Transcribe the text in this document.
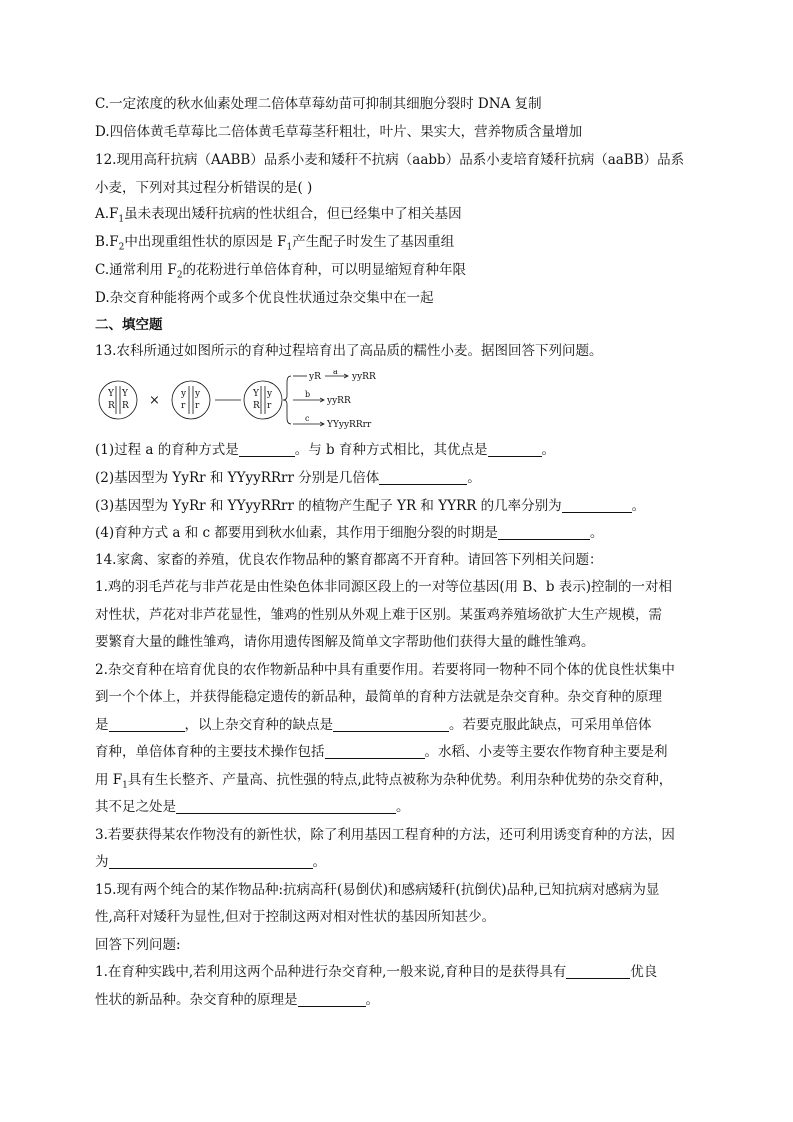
C.一定浓度的秋水仙素处理二倍体草莓幼苗可抑制其细胞分裂时 DNA 复制
D.四倍体黄毛草莓比二倍体黄毛草莓茎秆粗壮，叶片、果实大，营养物质含量增加
12.现用高秆抗病（AABB）品系小麦和矮秆不抗病（aabb）品系小麦培育矮秆抗病（aaBB）品系
小麦，下列对其过程分析错误的是( )
$A.F_1$虽未表现出矮秆抗病的性状组合，但已经集中了相关基因
$B.F_2$中出现重组性状的原因是 $F_1$产生配子时发生了基因重组
C.通常利用 $F_2$的花粉进行单倍体育种，可以明显缩短育种年限
D.杂交育种能将两个或多个优良性状通过杂交集中在一起
二、填空题
13.农科所通过如图所示的育种过程培育出了高品质的糯性小麦。据图回答下列问题。
Y Y
R R × y y
r r
Y y
R r
yR
a
yyRR
b
yyRR
c
YYyyRRrr
(1)过程 a 的育种方式是	。与 b 育种方式相比，其优点是	。
(2)基因型为 YyRr 和 YYyyRRrr 分别是几倍体	。
(3)基因型为 YyRr 和 YYyyRRrr 的植物产生配子 YR 和 YYRR 的几率分别为	。
(4)育种方式 a 和 c 都要用到秋水仙素，其作用于细胞分裂的时期是	。
14.家禽、家畜的养殖，优良农作物品种的繁育都离不开育种。请回答下列相关问题：
1.鸡的羽毛芦花与非芦花是由性染色体非同源区段上的一对等位基因(用 B、b 表示)控制的一对相
对性状，芦花对非芦花显性，雏鸡的性别从外观上难于区别。某蛋鸡养殖场欲扩大生产规模，需
要繁育大量的雌性雏鸡，请你用遗传图解及简单文字帮助他们获得大量的雌性雏鸡。
2.杂交育种在培育优良的农作物新品种中具有重要作用。若要将同一物种不同个体的优良性状集中
到一个个体上，并获得能稳定遗传的新品种，最简单的育种方法就是杂交育种。杂交育种的原理
是	，以上杂交育种的缺点是	。若要克服此缺点，可采用单倍体
育种，单倍体育种的主要技术操作包括	。水稻、小麦等主要农作物育种主要是利
用 $F_1$具有生长整齐、产量高、抗性强的特点,此特点被称为杂种优势。利用杂种优势的杂交育种，
其不足之处是	。
3.若要获得某农作物没有的新性状，除了利用基因工程育种的方法，还可利用诱变育种的方法，因
为	。
15.现有两个纯合的某作物品种:抗病高秆(易倒伏)和感病矮秆(抗倒伏)品种,已知抗病对感病为显
性,高秆对矮秆为显性,但对于控制这两对相对性状的基因所知甚少。
回答下列问题:
1.在育种实践中,若利用这两个品种进行杂交育种,一般来说,育种目的是获得具有	优良
性状的新品种。杂交育种的原理是	。
